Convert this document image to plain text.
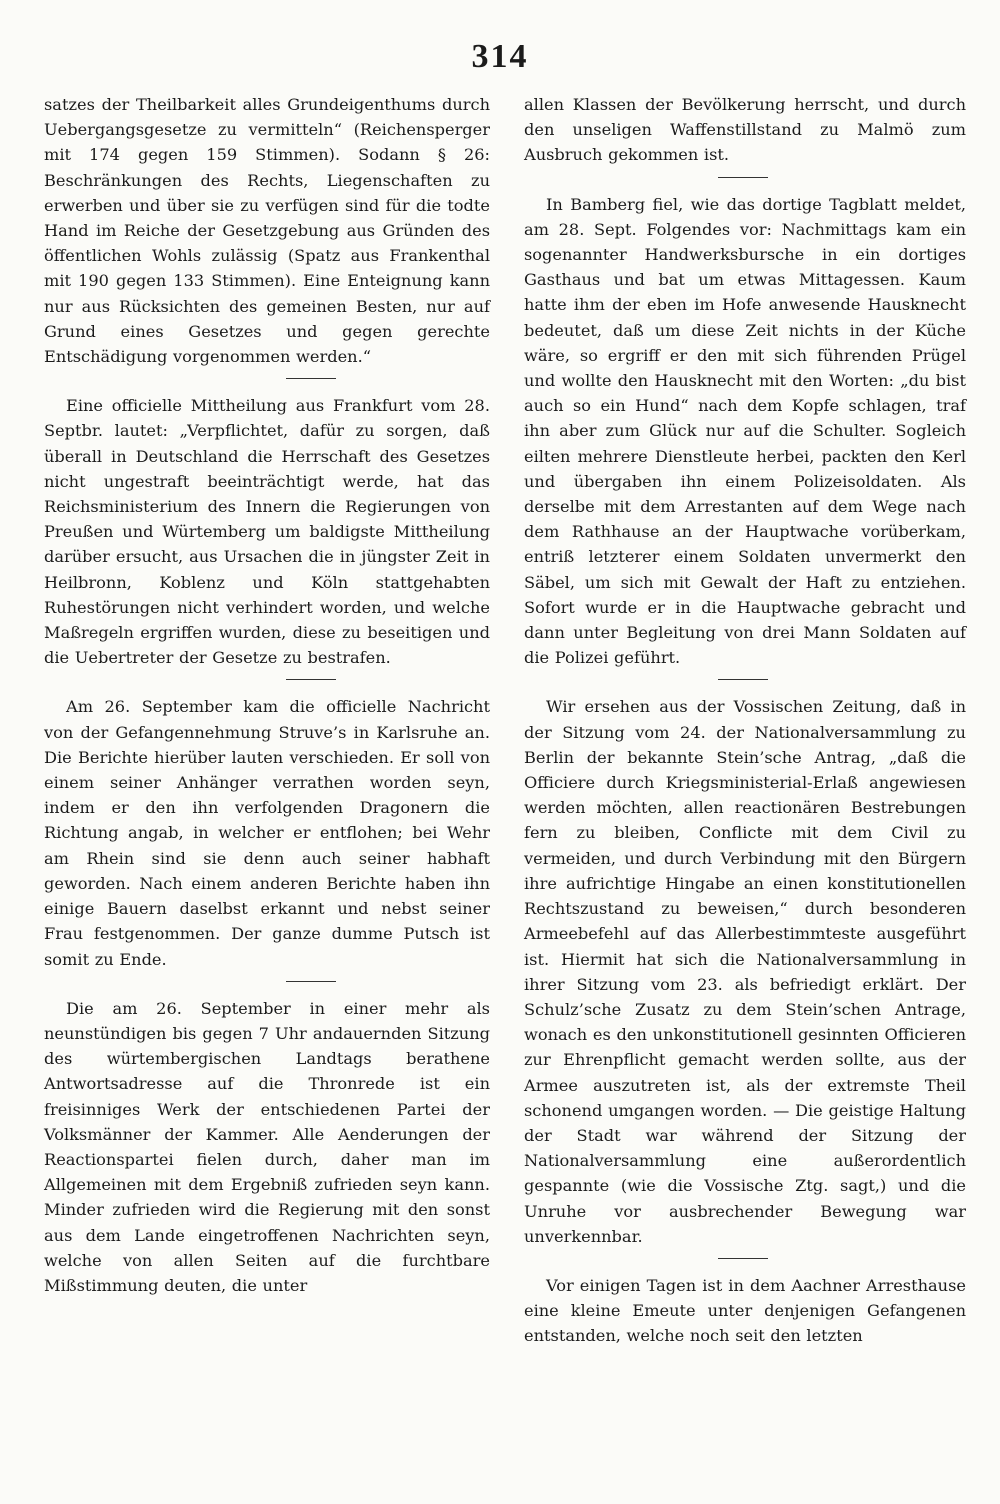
314

satzes der Theilbarkeit alles Grundeigenthums durch Uebergangsgesetze zu vermitteln“ (Reichensperger mit 174 gegen 159 Stimmen). Sodann § 26: Beschränkungen des Rechts, Liegenschaften zu erwerben und über sie zu verfügen sind für die todte Hand im Reiche der Gesetzgebung aus Gründen des öffentlichen Wohls zulässig (Spatz aus Frankenthal mit 190 gegen 133 Stimmen). Eine Enteignung kann nur aus Rücksichten des gemeinen Besten, nur auf Grund eines Gesetzes und gegen gerechte Entschädigung vorgenommen werden.“

Eine officielle Mittheilung aus Frankfurt vom 28. Septbr. lautet: „Verpflichtet, dafür zu sorgen, daß überall in Deutschland die Herrschaft des Gesetzes nicht ungestraft beeinträchtigt werde, hat das Reichsministerium des Innern die Regierungen von Preußen und Würtemberg um baldigste Mittheilung darüber ersucht, aus Ursachen die in jüngster Zeit in Heilbronn, Koblenz und Köln stattgehabten Ruhestörungen nicht verhindert worden, und welche Maßregeln ergriffen wurden, diese zu beseitigen und die Uebertreter der Gesetze zu bestrafen.

Am 26. September kam die officielle Nachricht von der Gefangennehmung Struve’s in Karlsruhe an. Die Berichte hierüber lauten verschieden. Er soll von einem seiner Anhänger verrathen worden seyn, indem er den ihn verfolgenden Dragonern die Richtung angab, in welcher er entflohen; bei Wehr am Rhein sind sie denn auch seiner habhaft geworden. Nach einem anderen Berichte haben ihn einige Bauern daselbst erkannt und nebst seiner Frau festgenommen. Der ganze dumme Putsch ist somit zu Ende.

Die am 26. September in einer mehr als neunstündigen bis gegen 7 Uhr andauernden Sitzung des würtembergischen Landtags berathene Antwortsadresse auf die Thronrede ist ein freisinniges Werk der entschiedenen Partei der Volksmänner der Kammer. Alle Aenderungen der Reactionspartei fielen durch, daher man im Allgemeinen mit dem Ergebniß zufrieden seyn kann. Minder zufrieden wird die Regierung mit den sonst aus dem Lande eingetroffenen Nachrichten seyn, welche von allen Seiten auf die furchtbare Mißstimmung deuten, die unter

allen Klassen der Bevölkerung herrscht, und durch den unseligen Waffenstillstand zu Malmö zum Ausbruch gekommen ist.

In Bamberg fiel, wie das dortige Tagblatt meldet, am 28. Sept. Folgendes vor: Nachmittags kam ein sogenannter Handwerksbursche in ein dortiges Gasthaus und bat um etwas Mittagessen. Kaum hatte ihm der eben im Hofe anwesende Hausknecht bedeutet, daß um diese Zeit nichts in der Küche wäre, so ergriff er den mit sich führenden Prügel und wollte den Hausknecht mit den Worten: „du bist auch so ein Hund“ nach dem Kopfe schlagen, traf ihn aber zum Glück nur auf die Schulter. Sogleich eilten mehrere Dienstleute herbei, packten den Kerl und übergaben ihn einem Polizeisoldaten. Als derselbe mit dem Arrestanten auf dem Wege nach dem Rathhause an der Hauptwache vorüberkam, entriß letzterer einem Soldaten unvermerkt den Säbel, um sich mit Gewalt der Haft zu entziehen. Sofort wurde er in die Hauptwache gebracht und dann unter Begleitung von drei Mann Soldaten auf die Polizei geführt.

Wir ersehen aus der Vossischen Zeitung, daß in der Sitzung vom 24. der Nationalversammlung zu Berlin der bekannte Stein’sche Antrag, „daß die Officiere durch Kriegsministerial-Erlaß angewiesen werden möchten, allen reactionären Bestrebungen fern zu bleiben, Conflicte mit dem Civil zu vermeiden, und durch Verbindung mit den Bürgern ihre aufrichtige Hingabe an einen konstitutionellen Rechtszustand zu beweisen,“ durch besonderen Armeebefehl auf das Allerbestimmteste ausgeführt ist. Hiermit hat sich die Nationalversammlung in ihrer Sitzung vom 23. als befriedigt erklärt. Der Schulz’sche Zusatz zu dem Stein’schen Antrage, wonach es den unkonstitutionell gesinnten Officieren zur Ehrenpflicht gemacht werden sollte, aus der Armee auszutreten ist, als der extremste Theil schonend umgangen worden. — Die geistige Haltung der Stadt war während der Sitzung der Nationalversammlung eine außerordentlich gespannte (wie die Vossische Ztg. sagt,) und die Unruhe vor ausbrechender Bewegung war unverkennbar.

Vor einigen Tagen ist in dem Aachner Arresthause eine kleine Emeute unter denjenigen Gefangenen entstanden, welche noch seit den letzten
